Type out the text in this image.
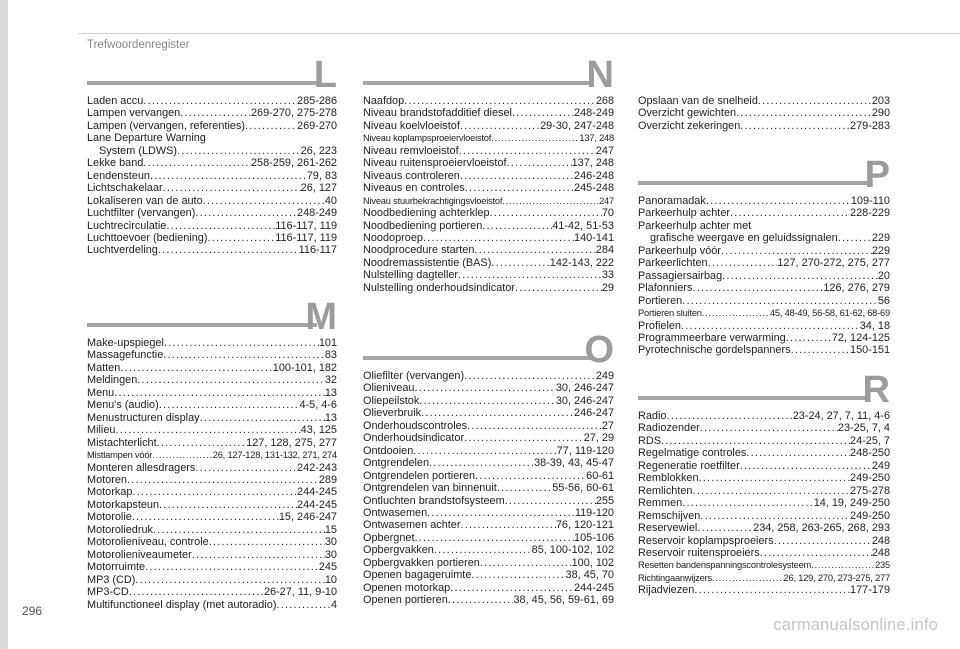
Trefwoordenregister
L
Laden accu . . .	285-286
Lampen vervangen . . .	269-270, 275-278
Lampen (vervangen, referenties) . . .	269-270
Lane Departure Warning
System (LDWS) . . .	26, 223
Lekke band . . .	258-259, 261-262
Lendensteun . . .	79, 83
Lichtschakelaar . . .	26, 127
Lokaliseren van de auto . . .	40
Luchtfilter (vervangen) . . .	248-249
Luchtrecirculatie . . .	116-117, 119
Luchttoevoer (bediening) . . .	116-117, 119
Luchtverdeling . . .	116-117
M
Make-upspiegel . . .	101
Massagefunctie . . .	83
Matten . . .	100-101, 182
Meldingen . . .	32
Menu . . .	13
Menu's (audio) . . .	4-5, 4-6
Menustructuren display . . .	13
Milieu . . .	43, 125
Mistachterlicht . . .	127, 128, 275, 277
Mistlampen vóór . . .	26, 127-128, 131-132, 271, 274
Monteren allesdragers . . .	242-243
Motoren . . .	289
Motorkap . . .	244-245
Motorkapsteun . . .	244-245
Motorolie . . .	15, 246-247
Motoroliedruk . . .	15
Motorolieniveau, controle . . .	30
Motorolieniveaumeter . . .	30
Motorruimte . . .	245
MP3 (CD) . . .	10
MP3-CD . . .	26-27, 11, 9-10
Multifunctioneel display (met autoradio) . . .	4
N
Naafdop . . .	268
Niveau brandstofadditief diesel . . .	248-249
Niveau koelvloeistof . . .	29-30, 247-248
Niveau koplampsproeiervloeistof . . .	137, 248
Niveau remvloeistof . . .	247
Niveau ruitensproeiervloeistof . . .	137, 248
Niveaus controleren . . .	246-248
Niveaus en controles . . .	245-248
Niveau stuurbekrachtigingsvloeistof . . .	247
Noodbediening achterklep . . .	70
Noodbediening portieren . . .	41-42, 51-53
Noodoproep . . .	140-141
Noodprocedure starten . . .	284
Noodremassistentie (BAS) . . .	142-143, 222
Nulstelling dagteller . . .	33
Nulstelling onderhoudsindicator . . .	29
O
Oliefilter (vervangen) . . .	249
Olieniveau . . .	30, 246-247
Oliepeilstok . . .	30, 246-247
Olieverbruik . . .	246-247
Onderhoudscontroles . . .	27
Onderhoudsindicator . . .	27, 29
Ontdooien . . .	77, 119-120
Ontgrendelen . . .	38-39, 43, 45-47
Ontgrendelen portieren . . .	60-61
Ontgrendelen van binnenuit . . .	55-56, 60-61
Ontluchten brandstofsysteem . . .	255
Ontwasemen . . .	119-120
Ontwasemen achter . . .	76, 120-121
Opbergnet . . .	105-106
Opbergvakken . . .	85, 100-102, 102
Opbergvakken portieren . . .	100, 102
Openen bagageruimte . . .	38, 45, 70
Openen motorkap . . .	244-245
Openen portieren . . .	38, 45, 56, 59-61, 69
Opslaan van de snelheid . . .	203
Overzicht gewichten . . .	290
Overzicht zekeringen . . .	279-283
P
Panoramadak . . .	109-110
Parkeerhulp achter . . .	228-229
Parkeerhulp achter met
grafische weergave en geluidssignalen . . .	229
Parkeerhulp vóór . . .	229
Parkeerlichten . . .	127, 270-272, 275, 277
Passagiersairbag . . .	20
Plafonniers . . .	126, 276, 279
Portieren . . .	56
Portieren sluiten . . .	45, 48-49, 56-58, 61-62, 68-69
Profielen . . .	34, 18
Programmeerbare verwarming . . .	72, 124-125
Pyrotechnische gordelspanners . . .	150-151
R
Radio . . .	23-24, 27, 7, 11, 4-6
Radiozender . . .	23-25, 7, 4
RDS . . .	24-25, 7
Regelmatige controles . . .	248-250
Regeneratie roetfilter . . .	249
Remblokken . . .	249-250
Remlichten . . .	275-278
Remmen . . .	14, 19, 249-250
Remschijven . . .	249-250
Reservewiel . . .	234, 258, 263-265, 268, 293
Reservoir koplampsproeiers . . .	248
Reservoir ruitensproeiers . . .	248
Resetten bandenspanningscontrolesysteem . . .	235
Richtingaanwijzers . . .	26, 129, 270, 273-275, 277
Rijadviezen . . .	177-179
296
carmanualsonline.info
